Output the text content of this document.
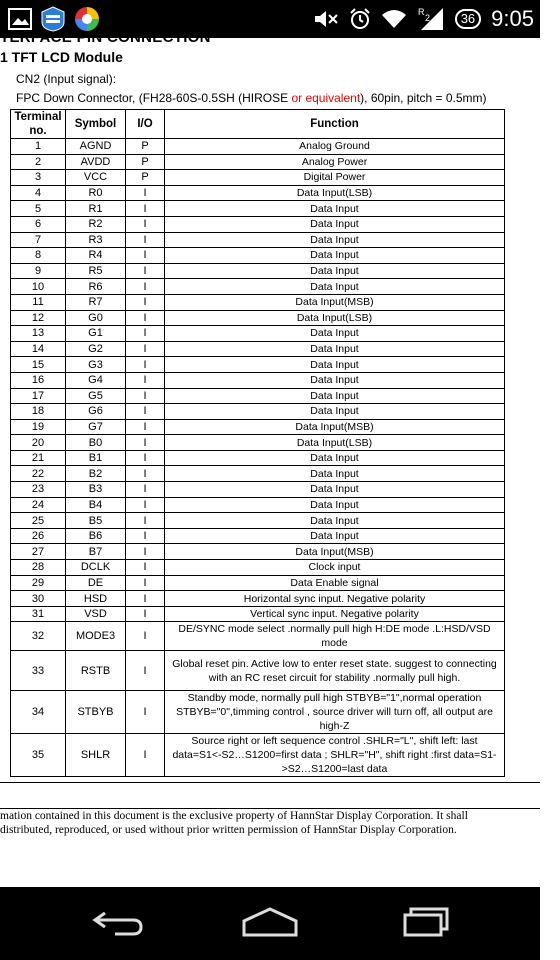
R
2	36 9:05
TERFACE PIN CONNECTION
1 TFT LCD Module
CN2 (Input signal):
FPC Down Connector, (FH28-60S-0.5SH (HIROSE or equivalent), 60pin, pitch = 0.5mm)
Terminal no.	Symbol	I/O	Function
1	AGND	P	Analog Ground
2	AVDD	P	Analog Power
3	VCC	P	Digital Power
4	R0	I	Data Input(LSB)
5	R1	I	Data Input
6	R2	I	Data Input
7	R3	I	Data Input
8	R4	I	Data Input
9	R5	I	Data Input
10	R6	I	Data Input
11	R7	I	Data Input(MSB)
12	G0	I	Data Input(LSB)
13	G1	I	Data Input
14	G2	I	Data Input
15	G3	I	Data Input
16	G4	I	Data Input
17	G5	I	Data Input
18	G6	I	Data Input
19	G7	I	Data Input(MSB)
20	B0	I	Data Input(LSB)
21	B1	I	Data Input
22	B2	I	Data Input
23	B3	I	Data Input
24	B4	I	Data Input
25	B5	I	Data Input
26	B6	I	Data Input
27	B7	I	Data Input(MSB)
28	DCLK	I	Clock input
29	DE	I	Data Enable signal
30	HSD	I	Horizontal sync input. Negative polarity
31	VSD	I	Vertical sync input. Negative polarity
32	MODE3	I	DE/SYNC mode select .normally pull high H:DE mode .L:HSD/VSD mode
33	RSTB	I	Global reset pin. Active low to enter reset state. suggest to connecting with an RC reset circuit for stability .normally pull high.
34	STBYB	I	Standby mode, normally pull high STBYB="1",normal operation STBYB="0",timming control , source driver will turn off, all output are high-Z
35	SHLR	I	Source right or left sequence control .SHLR="L", shift left: last data=S1<-S2…S1200=first data ; SHLR="H", shift right :first data=S1->S2…S1200=last data
mation contained in this document is the exclusive property of HannStar Display Corporation. It shall
distributed, reproduced, or used without prior written permission of HannStar Display Corporation.
